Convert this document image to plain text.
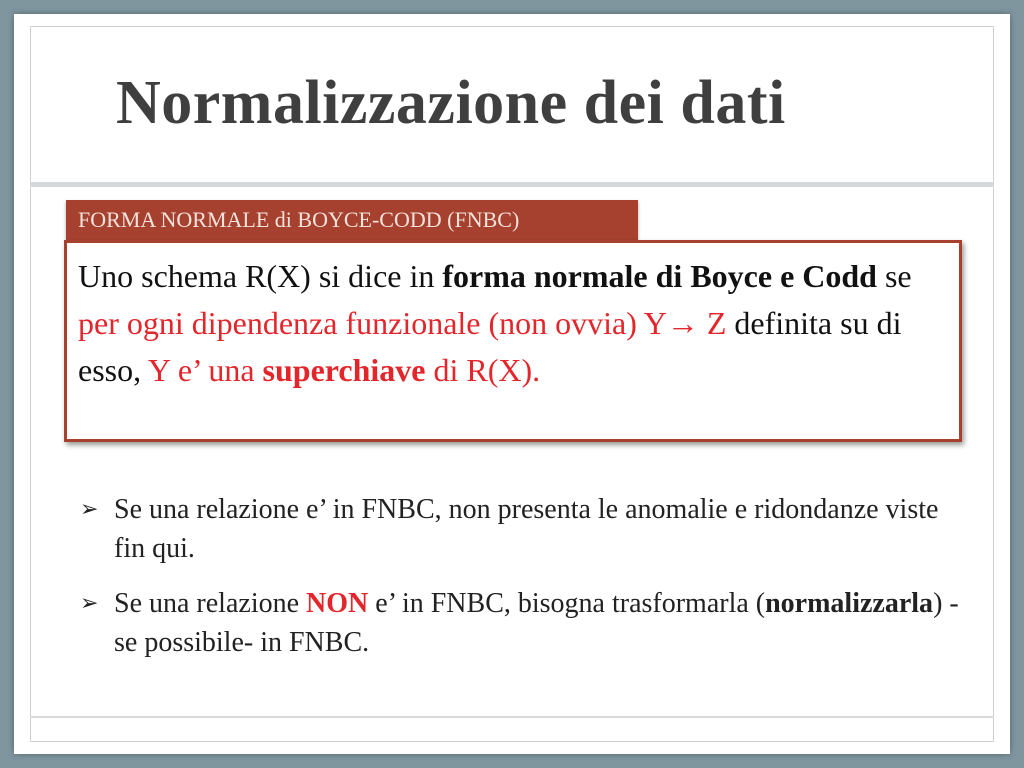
Normalizzazione dei dati
FORMA NORMALE di BOYCE-CODD (FNBC)
Uno schema R(X) si dice in forma normale di Boyce e Codd se per ogni dipendenza funzionale (non ovvia) Y→ Z definita su di esso, Y e’ una superchiave di R(X).
➢ Se una relazione e’ in FNBC, non presenta le anomalie e ridondanze viste fin qui.
➢ Se una relazione NON e’ in FNBC, bisogna trasformarla (normalizzarla) -se possibile- in FNBC.
